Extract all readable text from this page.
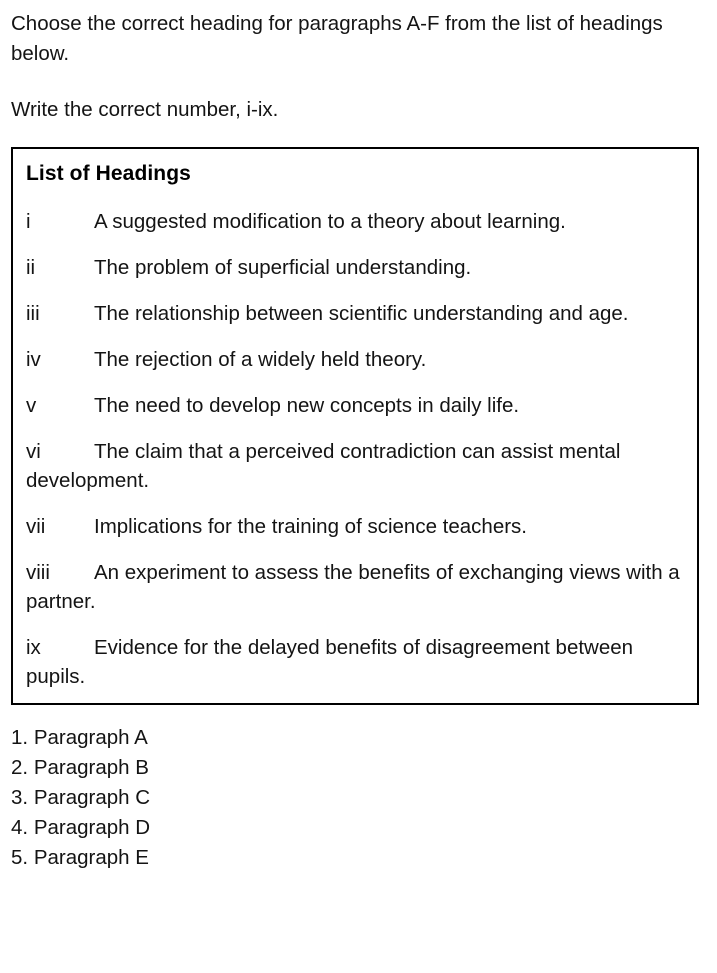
Choose the correct heading for paragraphs A-F from the list of headings below.
Write the correct number, i-ix.
List of Headings
i	A suggested modification to a theory about learning.
ii	The problem of superficial understanding.
iii	The relationship between scientific understanding and age.
iv	The rejection of a widely held theory.
v	The need to develop new concepts in daily life.
vi	The claim that a perceived contradiction can assist mental development.
vii Implications for the training of science teachers.
viii An experiment to assess the benefits of exchanging views with a partner.
ix	Evidence for the delayed benefits of disagreement between pupils.
1. Paragraph A
2. Paragraph B
3. Paragraph C
4. Paragraph D
5. Paragraph E
